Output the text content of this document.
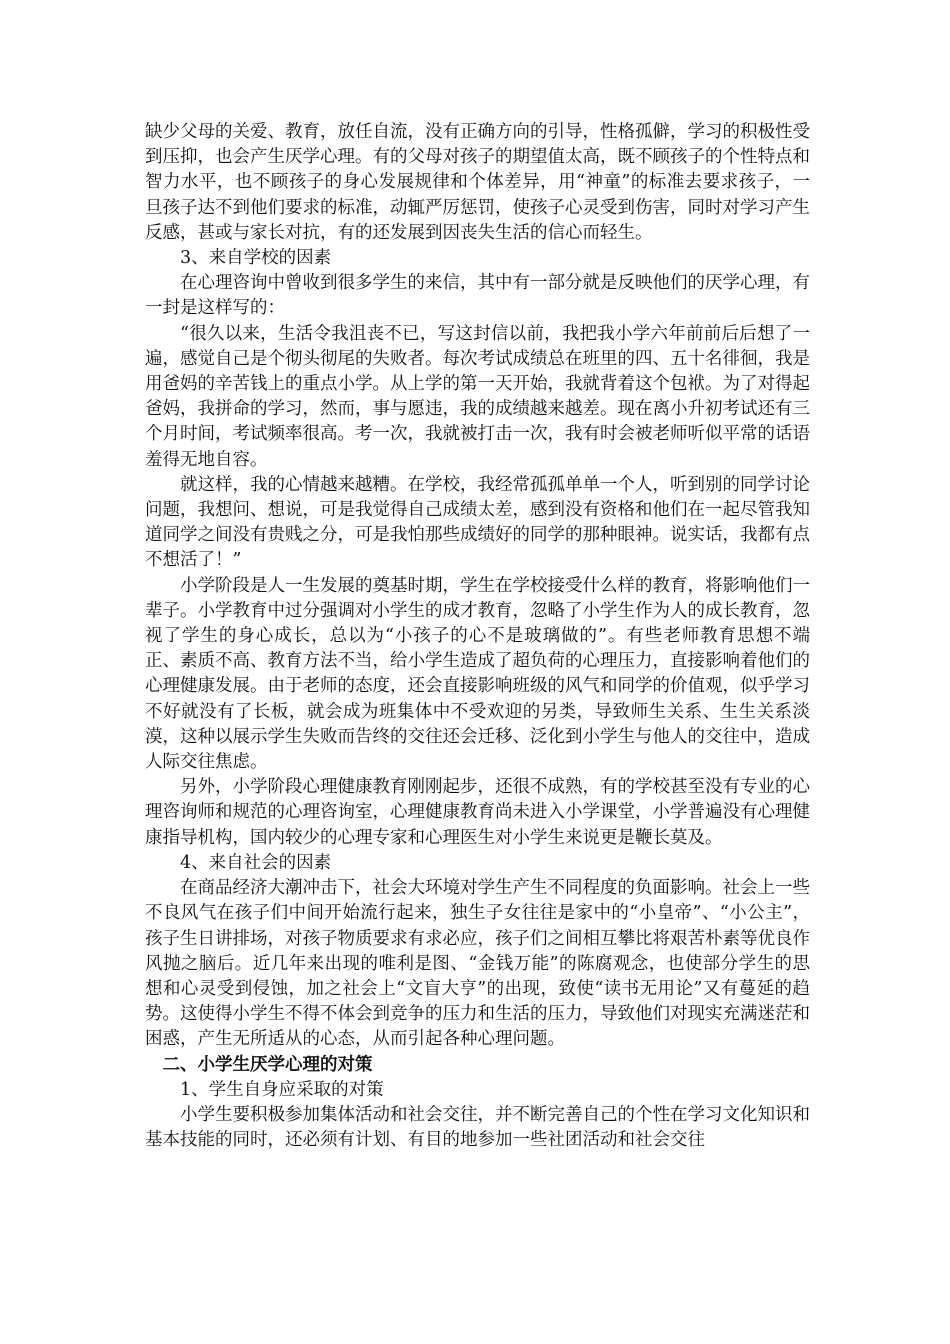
缺少父母的关爱、教育，放任自流，没有正确方向的引导，性格孤僻，学习的积极性受到压抑，也会产生厌学心理。有的父母对孩子的期望值太高，既不顾孩子的个性特点和智力水平，也不顾孩子的身心发展规律和个体差异，用“神童”的标准去要求孩子，一旦孩子达不到他们要求的标准，动辄严厉惩罚，使孩子心灵受到伤害，同时对学习产生反感，甚或与家长对抗，有的还发展到因丧失生活的信心而轻生。

3、来自学校的因素

在心理咨询中曾收到很多学生的来信，其中有一部分就是反映他们的厌学心理，有一封是这样写的：

“很久以来，生活令我沮丧不已，写这封信以前，我把我小学六年前前后后想了一遍，感觉自己是个彻头彻尾的失败者。每次考试成绩总在班里的四、五十名徘徊，我是用爸妈的辛苦钱上的重点小学。从上学的第一天开始，我就背着这个包袱。为了对得起爸妈，我拼命的学习，然而，事与愿违，我的成绩越来越差。现在离小升初考试还有三个月时间，考试频率很高。考一次，我就被打击一次，我有时会被老师听似平常的话语羞得无地自容。

就这样，我的心情越来越糟。在学校，我经常孤孤单单一个人，听到别的同学讨论问题，我想问、想说，可是我觉得自己成绩太差，感到没有资格和他们在一起尽管我知道同学之间没有贵贱之分，可是我怕那些成绩好的同学的那种眼神。说实话，我都有点不想活了！”

小学阶段是人一生发展的奠基时期，学生在学校接受什么样的教育，将影响他们一辈子。小学教育中过分强调对小学生的成才教育，忽略了小学生作为人的成长教育，忽视了学生的身心成长，总以为“小孩子的心不是玻璃做的”。有些老师教育思想不端正、素质不高、教育方法不当，给小学生造成了超负荷的心理压力，直接影响着他们的心理健康发展。由于老师的态度，还会直接影响班级的风气和同学的价值观，似乎学习不好就没有了长板，就会成为班集体中不受欢迎的另类，导致师生关系、生生关系淡漠，这种以展示学生失败而告终的交往还会迁移、泛化到小学生与他人的交往中，造成人际交往焦虑。

另外，小学阶段心理健康教育刚刚起步，还很不成熟，有的学校甚至没有专业的心理咨询师和规范的心理咨询室，心理健康教育尚未进入小学课堂，小学普遍没有心理健康指导机构，国内较少的心理专家和心理医生对小学生来说更是鞭长莫及。

4、来自社会的因素

在商品经济大潮冲击下，社会大环境对学生产生不同程度的负面影响。社会上一些不良风气在孩子们中间开始流行起来，独生子女往往是家中的“小皇帝”、“小公主”， 孩子生日讲排场，对孩子物质要求有求必应，孩子们之间相互攀比将艰苦朴素等优良作风抛之脑后。近几年来出现的唯利是图、“金钱万能”的陈腐观念，也使部分学生的思想和心灵受到侵蚀，加之社会上“文盲大亨”的出现，致使“读书无用论”又有蔓延的趋势。这使得小学生不得不体会到竞争的压力和生活的压力，导致他们对现实充满迷茫和困惑，产生无所适从的心态，从而引起各种心理问题。

二、小学生厌学心理的对策

1、学生自身应采取的对策

小学生要积极参加集体活动和社会交往，并不断完善自己的个性在学习文化知识和基本技能的同时，还必须有计划、有目的地参加一些社团活动和社会交往
